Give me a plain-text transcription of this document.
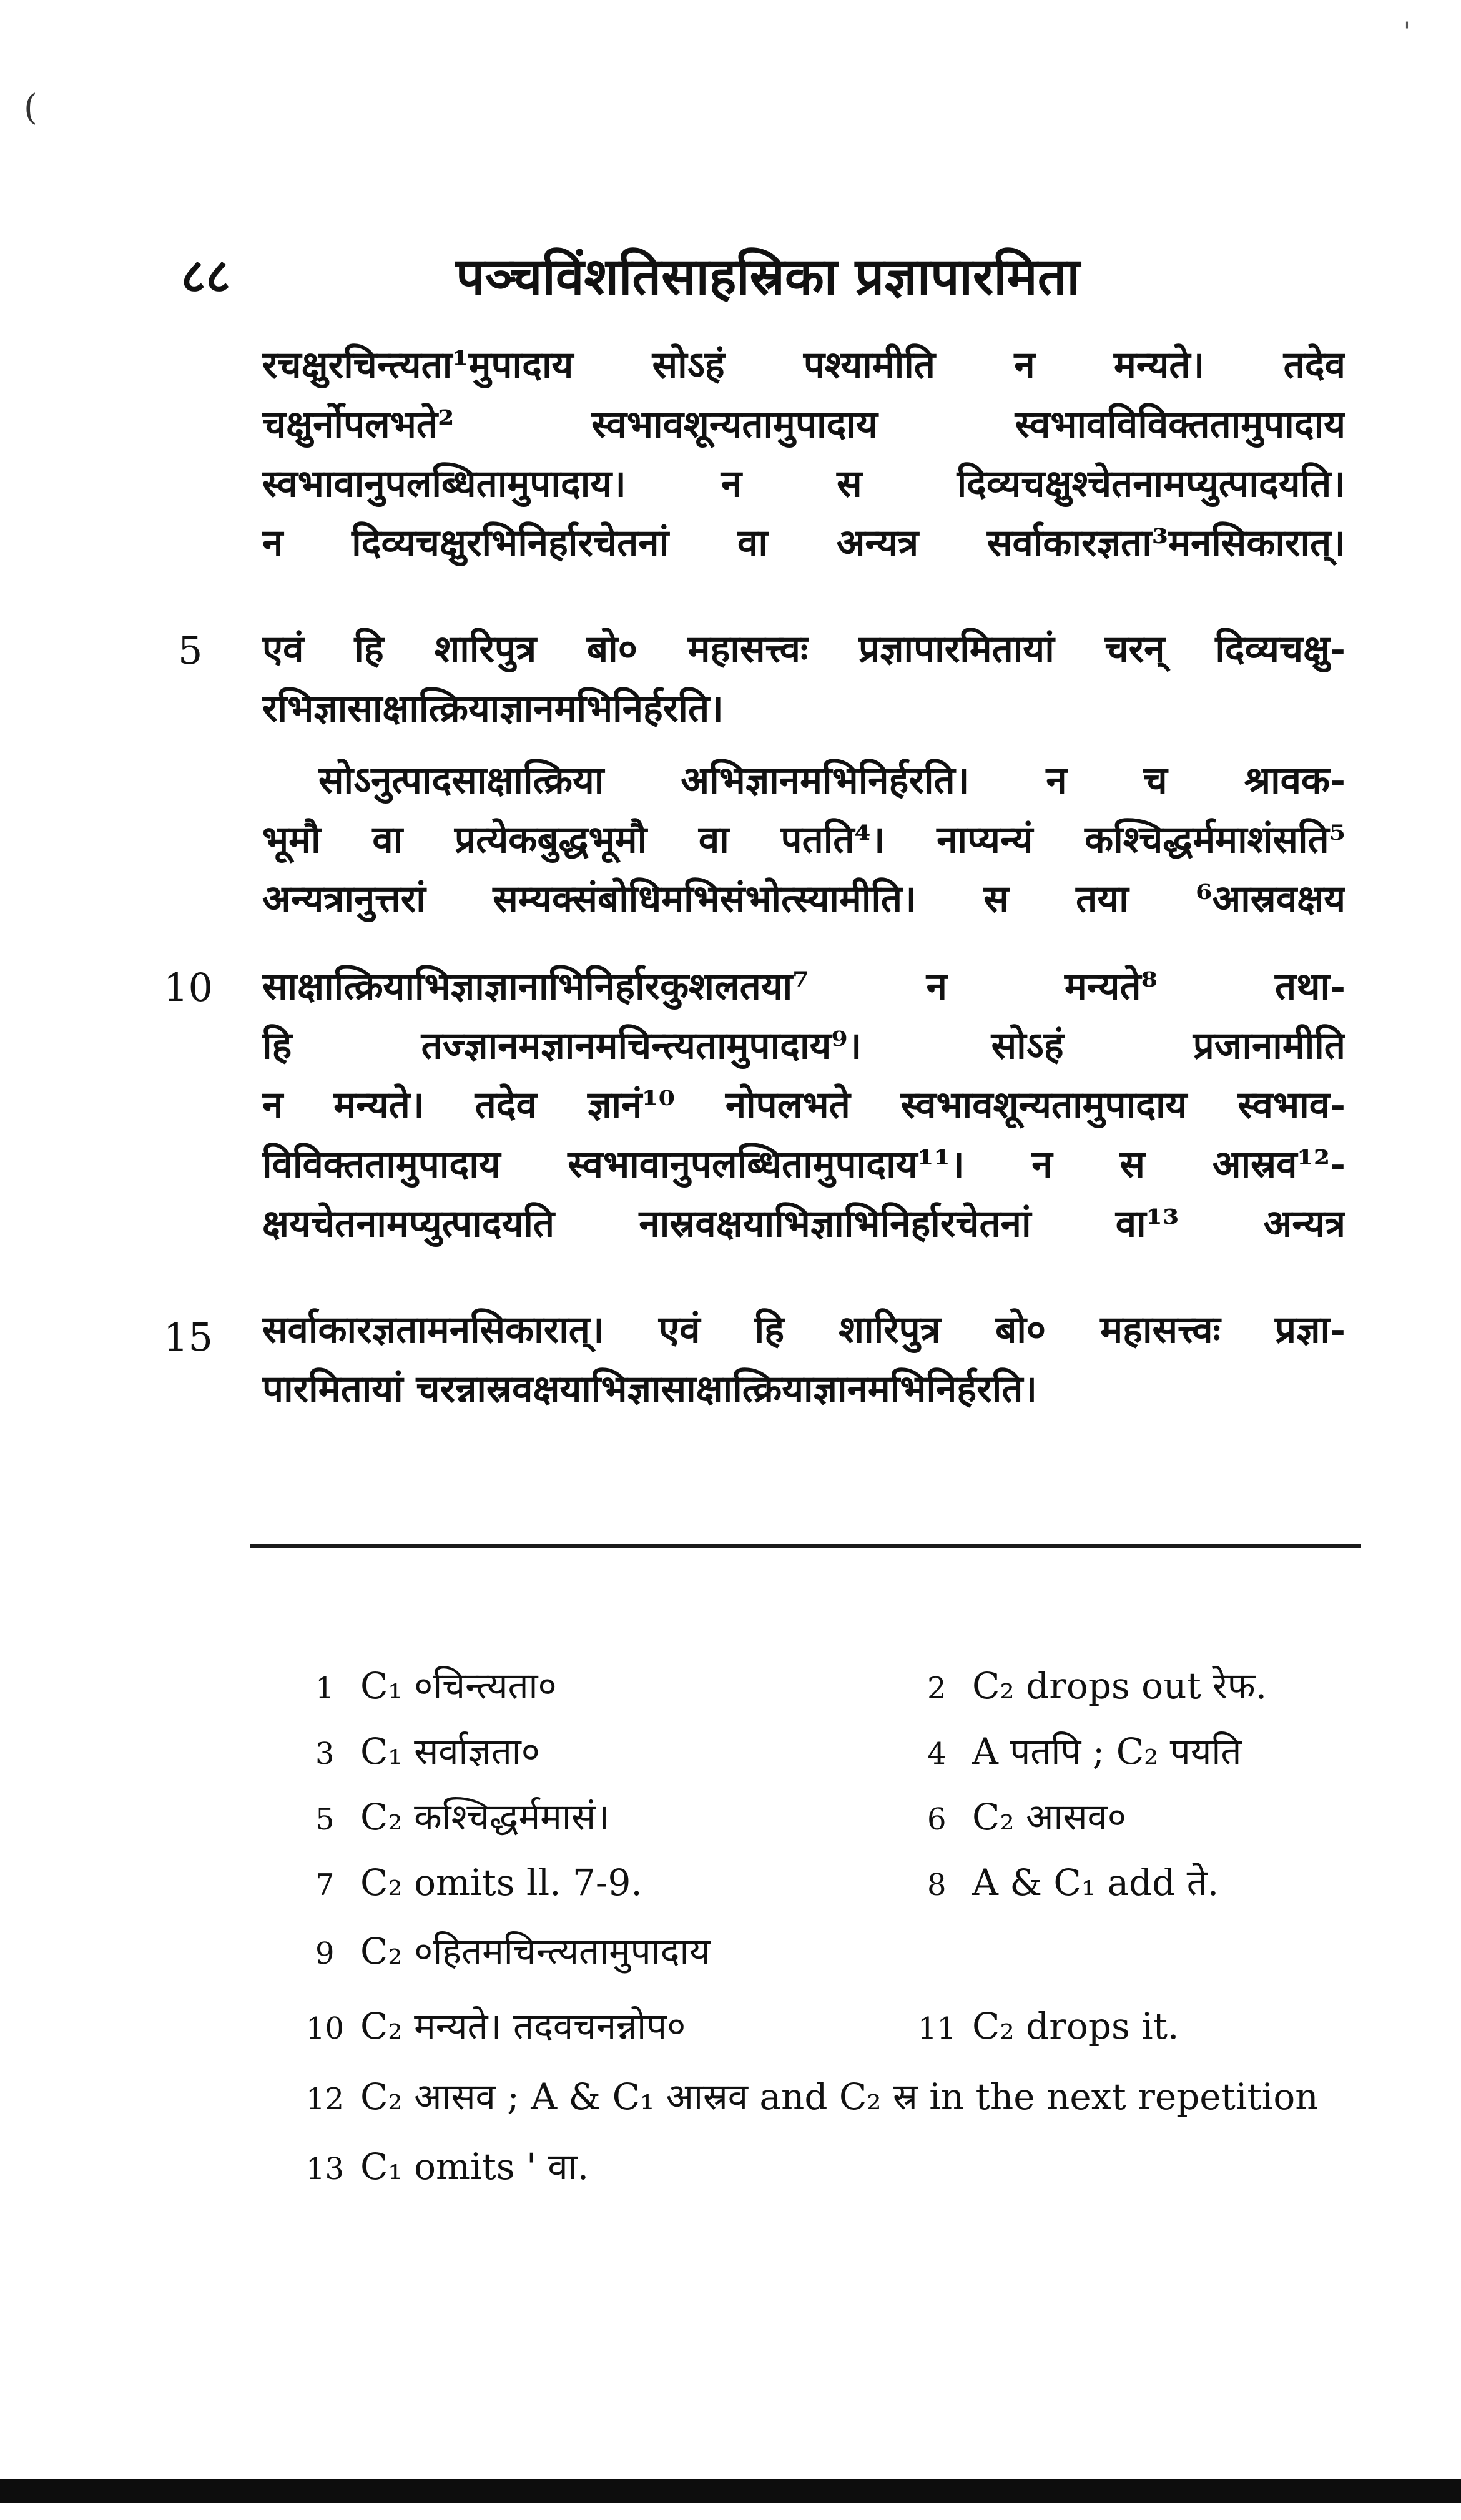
(
'
८८	पञ्चविंशतिसाहस्रिका प्रज्ञापारमिता
रचक्षुरचिन्त्यता¹मुपादाय सोऽहं पश्यामीति न मन्यते। तदेव
चक्षुर्नोपलभते² स्वभावशून्यतामुपादाय स्वभावविविक्ततामुपादाय
स्वभावानुपलब्धितामुपादाय। न स दिव्यचक्षुश्चेतनामप्युत्पादयति।
न दिव्यचक्षुरभिनिर्हारचेतनां वा अन्यत्र सर्वाकारज्ञता³मनसिकारात्।
एवं हि शारिपुत्र बो० महासत्त्वः प्रज्ञापारमितायां चरन् दिव्यचक्षु-
रभिज्ञासाक्षात्क्रियाज्ञानमभिनिर्हरति।
सोऽनुत्पादसाक्षात्क्रिया अभिज्ञानमभिनिर्हरति। न च श्रावक-
भूमौ वा प्रत्येकबुद्धभूमौ वा पतति⁴। नाप्यन्यं कश्चिद्धर्ममाशंसति⁵
अन्यत्रानुत्तरां सम्यक्संबोधिमभिसंभोत्स्यामीति। स तया ⁶आस्रवक्षय
साक्षात्क्रियाभिज्ञाज्ञानाभिनिर्हारकुशलतया⁷ न मन्यते⁸ तथा-
हि तज्ज्ञानमज्ञानमचिन्त्यतामुपादाय⁹। सोऽहं प्रजानामीति
न मन्यते। तदेव ज्ञानं¹⁰ नोपलभते स्वभावशून्यतामुपादाय स्वभाव-
विविक्ततामुपादाय स्वभावानुपलब्धितामुपादाय¹¹। न स आस्रव¹²-
क्षयचेतनामप्युत्पादयति नास्रवक्षयाभिज्ञाभिनिर्हारचेतनां वा¹³ अन्यत्र
सर्वाकारज्ञतामनसिकारात्। एवं हि शारिपुत्र बो० महासत्त्वः प्रज्ञा-
पारमितायां चरन्नास्रवक्षयाभिज्ञासाक्षात्क्रियाज्ञानमभिनिर्हरति।
5
10
15
1 C₁ ०चिन्त्यता०	2 C₂ drops out रेफ.
3 C₁ सर्वाज्ञता०	4 A पतपि ; C₂ पयति
5 C₂ कश्चिद्धर्ममासं।	6 C₂ आसव०
7 C₂ omits ll. 7-9.	8 A & C₁ add ते.
9 C₂ ०हितमचिन्त्यतामुपादाय
10 C₂ मन्यते। तदवचनन्नोप०	11 C₂ drops it.
12 C₂ आसव ; A & C₁ आस्रव and C₂ स्र in the next repetition
13 C₁ omits ' वा.
